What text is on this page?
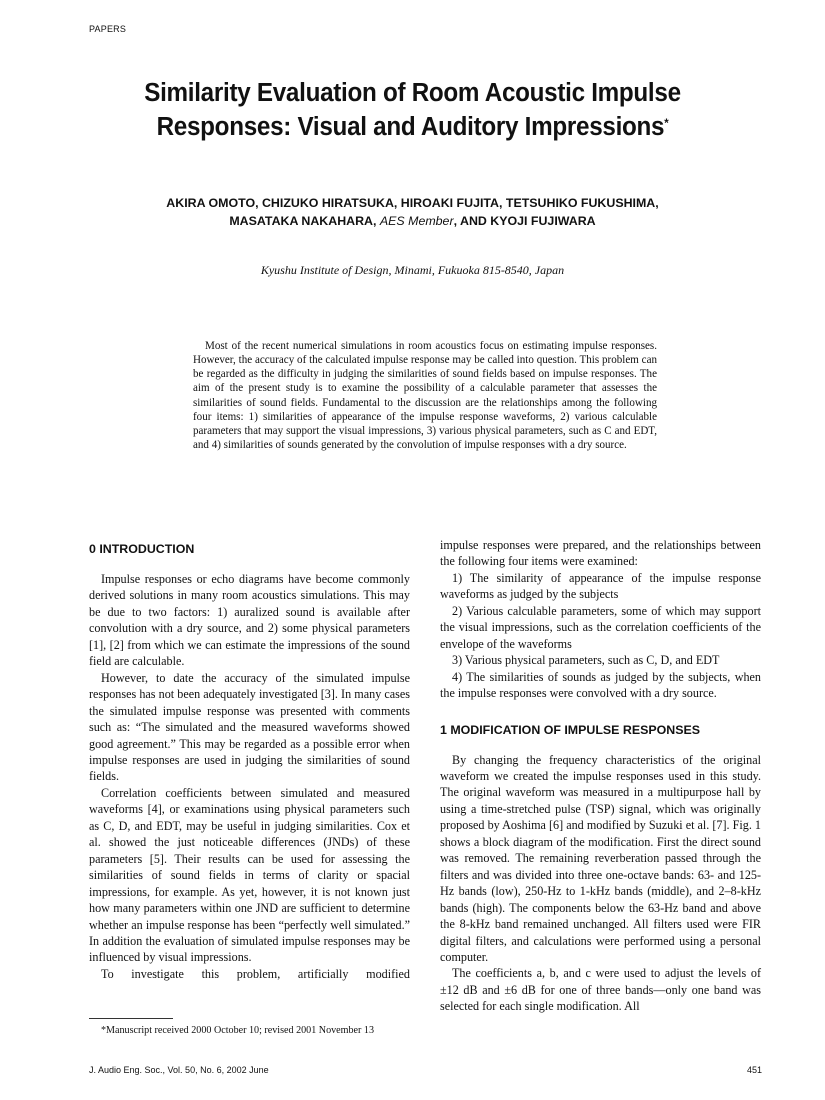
PAPERS
Similarity Evaluation of Room Acoustic Impulse
Responses: Visual and Auditory Impressions*
AKIRA OMOTO, CHIZUKO HIRATSUKA, HIROAKI FUJITA, TETSUHIKO FUKUSHIMA,
MASATAKA NAKAHARA, AES Member, AND KYOJI FUJIWARA
Kyushu Institute of Design, Minami, Fukuoka 815-8540, Japan

Most of the recent numerical simulations in room acoustics focus on estimating impulse responses. However, the accuracy of the calculated impulse response may be called into question. This problem can be regarded as the difficulty in judging the similarities of sound fields based on impulse responses. The aim of the present study is to examine the possibility of a calculable parameter that assesses the similarities of sound fields. Fundamental to the discussion are the relationships among the following four items: 1) similarities of appearance of the impulse response waveforms, 2) various calculable parameters that may support the visual impressions, 3) various physical parameters, such as C and EDT, and 4) similarities of sounds generated by the convolution of impulse responses with a dry source.

0 INTRODUCTION

Impulse responses or echo diagrams have become commonly derived solutions in many room acoustics simulations. This may be due to two factors: 1) auralized sound is available after convolution with a dry source, and 2) some physical parameters [1], [2] from which we can estimate the impressions of the sound field are calculable.

However, to date the accuracy of the simulated impulse responses has not been adequately investigated [3]. In many cases the simulated impulse response was presented with comments such as: “The simulated and the measured waveforms showed good agreement.” This may be regarded as a possible error when impulse responses are used in judging the similarities of sound fields.

Correlation coefficients between simulated and measured waveforms [4], or examinations using physical parameters such as C, D, and EDT, may be useful in judging similarities. Cox et al. showed the just noticeable differences (JNDs) of these parameters [5]. Their results can be used for assessing the similarities of sound fields in terms of clarity or spacial impressions, for example. As yet, however, it is not known just how many parameters within one JND are sufficient to determine whether an impulse response has been “perfectly well simulated.” In addition the evaluation of simulated impulse responses may be influenced by visual impressions.

To investigate this problem, artificially modified

impulse responses were prepared, and the relationships between the following four items were examined:

1) The similarity of appearance of the impulse response waveforms as judged by the subjects

2) Various calculable parameters, some of which may support the visual impressions, such as the correlation coefficients of the envelope of the waveforms

3) Various physical parameters, such as C, D, and EDT

4) The similarities of sounds as judged by the subjects, when the impulse responses were convolved with a dry source.

1 MODIFICATION OF IMPULSE RESPONSES

By changing the frequency characteristics of the original waveform we created the impulse responses used in this study. The original waveform was measured in a multipurpose hall by using a time-stretched pulse (TSP) signal, which was originally proposed by Aoshima [6] and modified by Suzuki et al. [7]. Fig. 1 shows a block diagram of the modification. First the direct sound was removed. The remaining reverberation passed through the filters and was divided into three one-octave bands: 63- and 125-Hz bands (low), 250-Hz to 1-kHz bands (middle), and 2–8-kHz bands (high). The components below the 63-Hz band and above the 8-kHz band remained unchanged. All filters used were FIR digital filters, and calculations were performed using a personal computer.

The coefficients a, b, and c were used to adjust the levels of ±12 dB and ±6 dB for one of three bands—only one band was selected for each single modification. All

*Manuscript received 2000 October 10; revised 2001 November 13

J. Audio Eng. Soc., Vol. 50, No. 6, 2002 June	451
